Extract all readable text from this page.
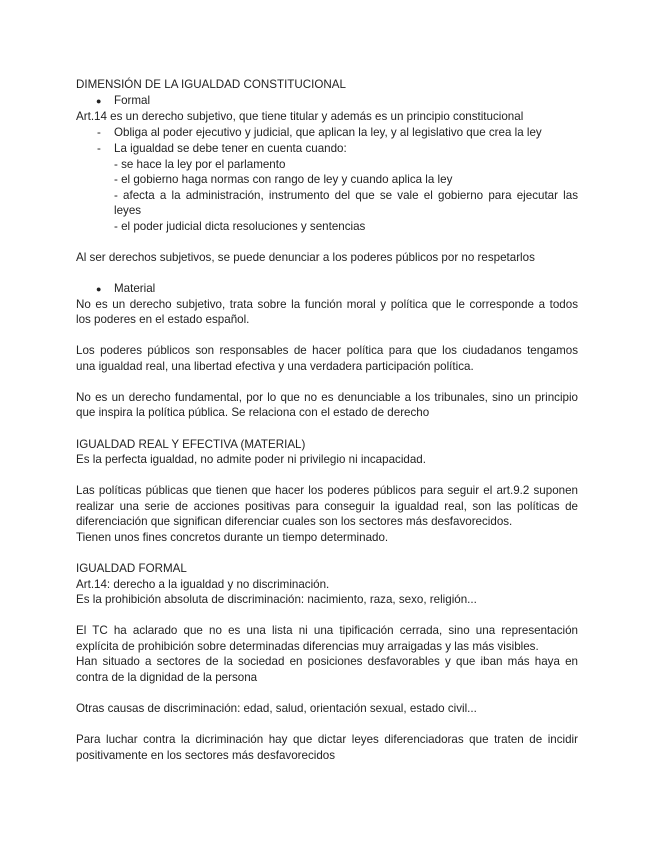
DIMENSIÓN DE LA IGUALDAD CONSTITUCIONAL
● Formal
Art.14 es un derecho subjetivo, que tiene titular y además es un principio constitucional
- Obliga al poder ejecutivo y judicial, que aplican la ley, y al legislativo que crea la ley
- La igualdad se debe tener en cuenta cuando:
- se hace la ley por el parlamento
- el gobierno haga normas con rango de ley y cuando aplica la ley
- afecta a la administración, instrumento del que se vale el gobierno para ejecutar las
leyes
- el poder judicial dicta resoluciones y sentencias
Al ser derechos subjetivos, se puede denunciar a los poderes públicos por no respetarlos
● Material
No es un derecho subjetivo, trata sobre la función moral y política que le corresponde a todos
los poderes en el estado español.
Los poderes públicos son responsables de hacer política para que los ciudadanos tengamos
una igualdad real, una libertad efectiva y una verdadera participación política.
No es un derecho fundamental, por lo que no es denunciable a los tribunales, sino un principio
que inspira la política pública. Se relaciona con el estado de derecho
IGUALDAD REAL Y EFECTIVA (MATERIAL)
Es la perfecta igualdad, no admite poder ni privilegio ni incapacidad.
Las políticas públicas que tienen que hacer los poderes públicos para seguir el art.9.2 suponen
realizar una serie de acciones positivas para conseguir la igualdad real, son las políticas de
diferenciación que significan diferenciar cuales son los sectores más desfavorecidos.
Tienen unos fines concretos durante un tiempo determinado.
IGUALDAD FORMAL
Art.14: derecho a la igualdad y no discriminación.
Es la prohibición absoluta de discriminación: nacimiento, raza, sexo, religión...
El TC ha aclarado que no es una lista ni una tipificación cerrada, sino una representación
explícita de prohibición sobre determinadas diferencias muy arraigadas y las más visibles.
Han situado a sectores de la sociedad en posiciones desfavorables y que iban más haya en
contra de la dignidad de la persona
Otras causas de discriminación: edad, salud, orientación sexual, estado civil...
Para luchar contra la dicriminación hay que dictar leyes diferenciadoras que traten de incidir
positivamente en los sectores más desfavorecidos
